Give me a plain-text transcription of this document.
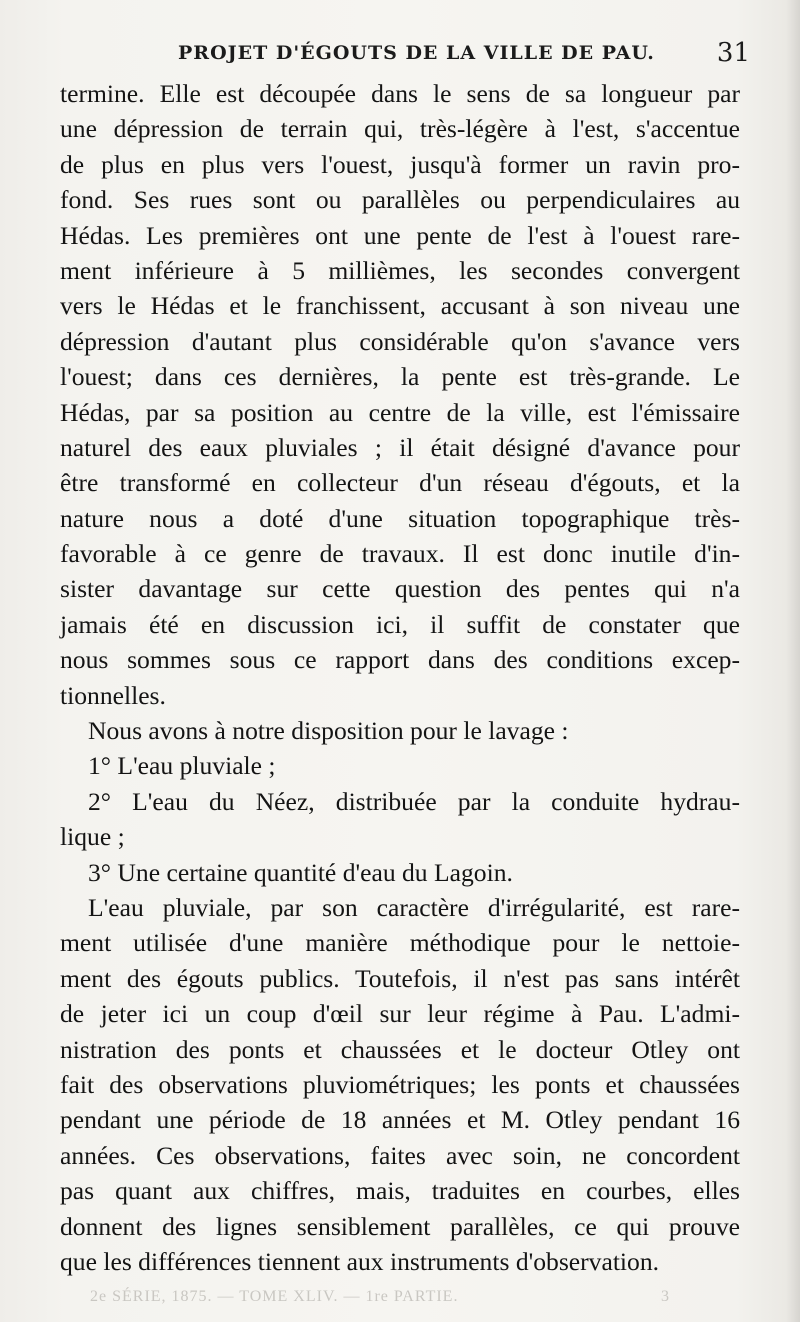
PROJET D'ÉGOUTS DE LA VILLE DE PAU. 31
termine. Elle est découpée dans le sens de sa longueur par
une dépression de terrain qui, très-légère à l'est, s'accentue
de plus en plus vers l'ouest, jusqu'à former un ravin pro-
fond. Ses rues sont ou parallèles ou perpendiculaires au
Hédas. Les premières ont une pente de l'est à l'ouest rare-
ment inférieure à 5 millièmes, les secondes convergent
vers le Hédas et le franchissent, accusant à son niveau une
dépression d'autant plus considérable qu'on s'avance vers
l'ouest; dans ces dernières, la pente est très-grande. Le
Hédas, par sa position au centre de la ville, est l'émissaire
naturel des eaux pluviales ; il était désigné d'avance pour
être transformé en collecteur d'un réseau d'égouts, et la
nature nous a doté d'une situation topographique très-
favorable à ce genre de travaux. Il est donc inutile d'in-
sister davantage sur cette question des pentes qui n'a
jamais été en discussion ici, il suffit de constater que
nous sommes sous ce rapport dans des conditions excep-
tionnelles.
Nous avons à notre disposition pour le lavage :
1° L'eau pluviale ;
2° L'eau du Néez, distribuée par la conduite hydrau-
lique ;
3° Une certaine quantité d'eau du Lagoin.
L'eau pluviale, par son caractère d'irrégularité, est rare-
ment utilisée d'une manière méthodique pour le nettoie-
ment des égouts publics. Toutefois, il n'est pas sans intérêt
de jeter ici un coup d'œil sur leur régime à Pau. L'admi-
nistration des ponts et chaussées et le docteur Otley ont
fait des observations pluviométriques; les ponts et chaussées
pendant une période de 18 années et M. Otley pendant 16
années. Ces observations, faites avec soin, ne concordent
pas quant aux chiffres, mais, traduites en courbes, elles
donnent des lignes sensiblement parallèles, ce qui prouve
que les différences tiennent aux instruments d'observation.
2e SÉRIE, 1875. — TOME XLIV. — 1re PARTIE.	3
